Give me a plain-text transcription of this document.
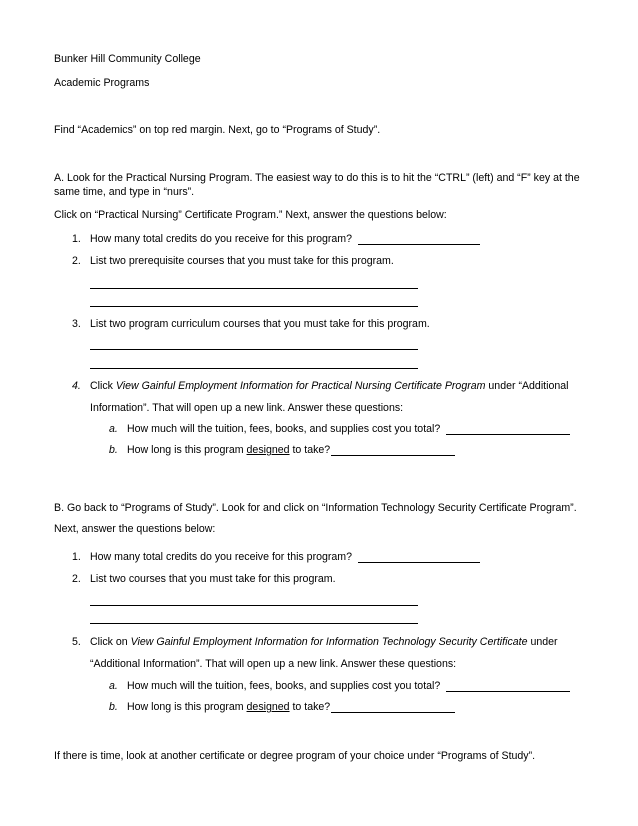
Bunker Hill Community College
Academic Programs
Find “Academics” on top red margin. Next, go to “Programs of Study”.
A. Look for the Practical Nursing Program. The easiest way to do this is to hit the “CTRL” (left) and “F” key at the
same time, and type in “nurs”.
Click on “Practical Nursing” Certificate Program.” Next, answer the questions below:
1. How many total credits do you receive for this program?
2. List two prerequisite courses that you must take for this program.
3. List two program curriculum courses that you must take for this program.
4. Click View Gainful Employment Information for Practical Nursing Certificate Program under “Additional
Information”. That will open up a new link. Answer these questions:
a. How much will the tuition, fees, books, and supplies cost you total?
b. How long is this program designed to take?
B. Go back to “Programs of Study”. Look for and click on “Information Technology Security Certificate Program”.
Next, answer the questions below:
1. How many total credits do you receive for this program?
2. List two courses that you must take for this program.
5. Click on View Gainful Employment Information for Information Technology Security Certificate under
“Additional Information”. That will open up a new link. Answer these questions:
a. How much will the tuition, fees, books, and supplies cost you total?
b. How long is this program designed to take?
If there is time, look at another certificate or degree program of your choice under “Programs of Study”.
